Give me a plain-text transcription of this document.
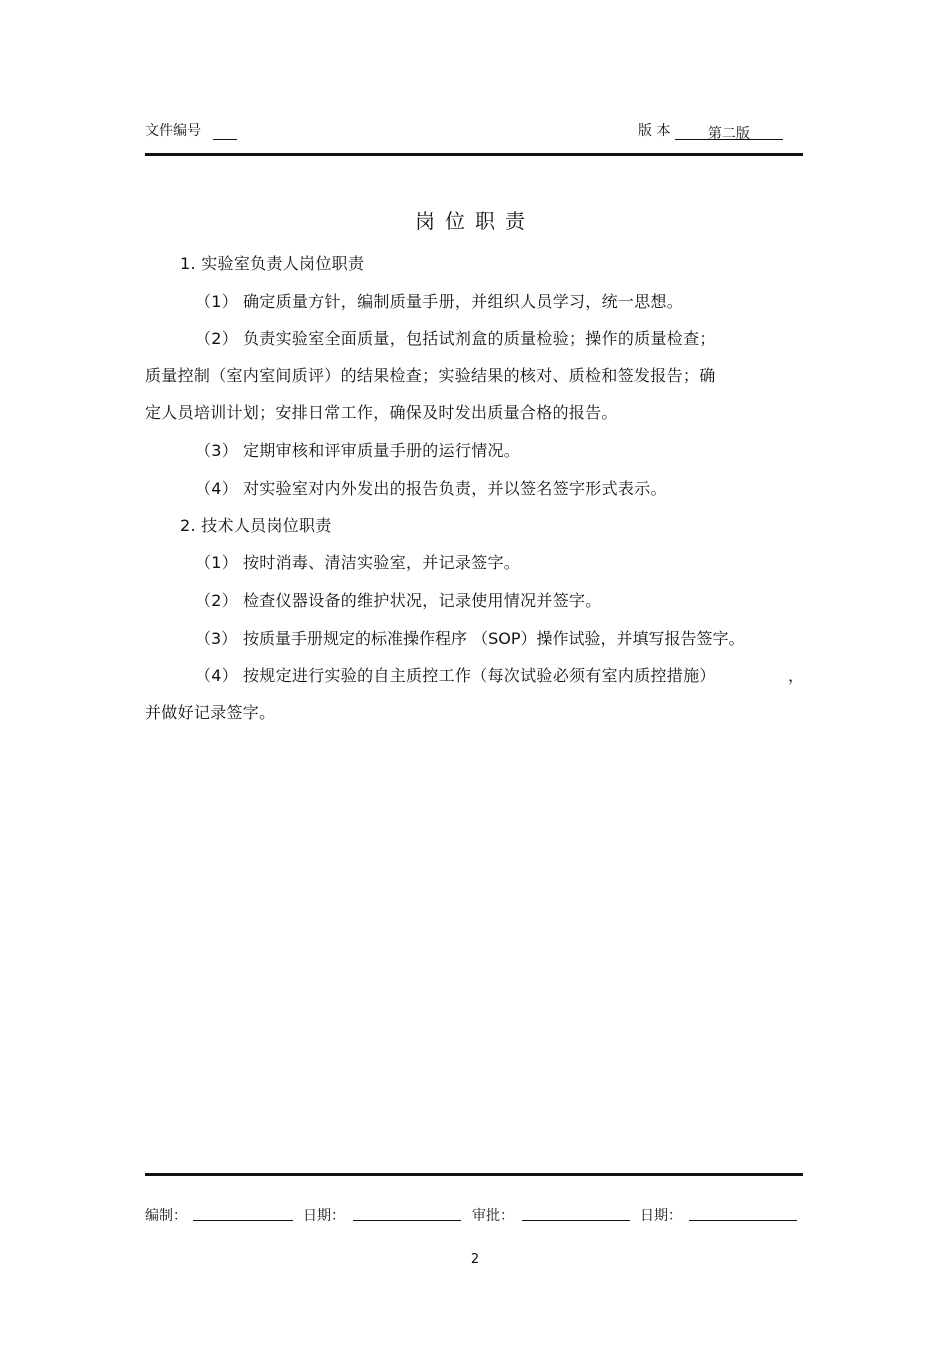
文件编号	版 本	第二版
岗位职责
1. 实验室负责人岗位职责
（1） 确定质量方针，编制质量手册，并组织人员学习，统一思想。
（2） 负责实验室全面质量，包括试剂盒的质量检验；操作的质量检查；
质量控制（室内室间质评）的结果检查；实验结果的核对、质检和签发报告；确
定人员培训计划；安排日常工作，确保及时发出质量合格的报告。
（3） 定期审核和评审质量手册的运行情况。
（4） 对实验室对内外发出的报告负责，并以签名签字形式表示。
2. 技术人员岗位职责
（1） 按时消毒、清洁实验室，并记录签字。
（2） 检查仪器设备的维护状况，记录使用情况并签字。
（3） 按质量手册规定的标准操作程序 （SOP）操作试验，并填写报告签字。
（4） 按规定进行实验的自主质控工作（每次试验必须有室内质控措施）	，
并做好记录签字。
编制：	日期：	审批：	日期：
2
